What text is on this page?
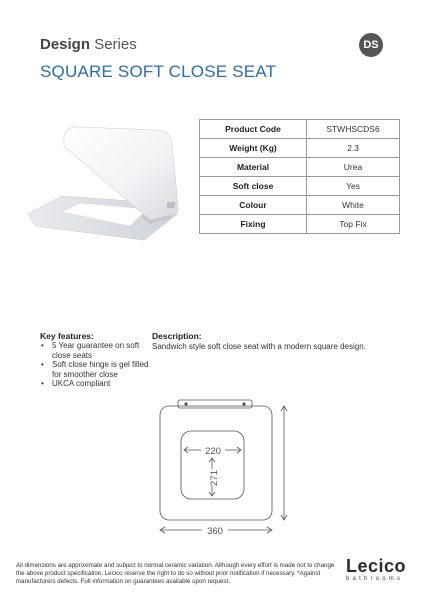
Design Series
SQUARE SOFT CLOSE SEAT
DS
Product Code	STWHSCDS6
Weight (Kg)	2.3
Material	Urea
Soft close	Yes
Colour	White
Fixing	Top Fix
Key features:
• 5 Year guarantee on soft close seats
• Soft close hinge is gel filled for smoother close
• UKCA compliant
Description:
Sandwich style soft close seat with a modern square design.
220
271
360
All dimensions are approximate and subject to normal ceramic variation. Although every effort is made not to change the above product specification, Lecico reserve the right to do so without prior notification if necessary. *Against manufacturers defects. Full information on guarantees available upon request.
Lecico
bathrooms
